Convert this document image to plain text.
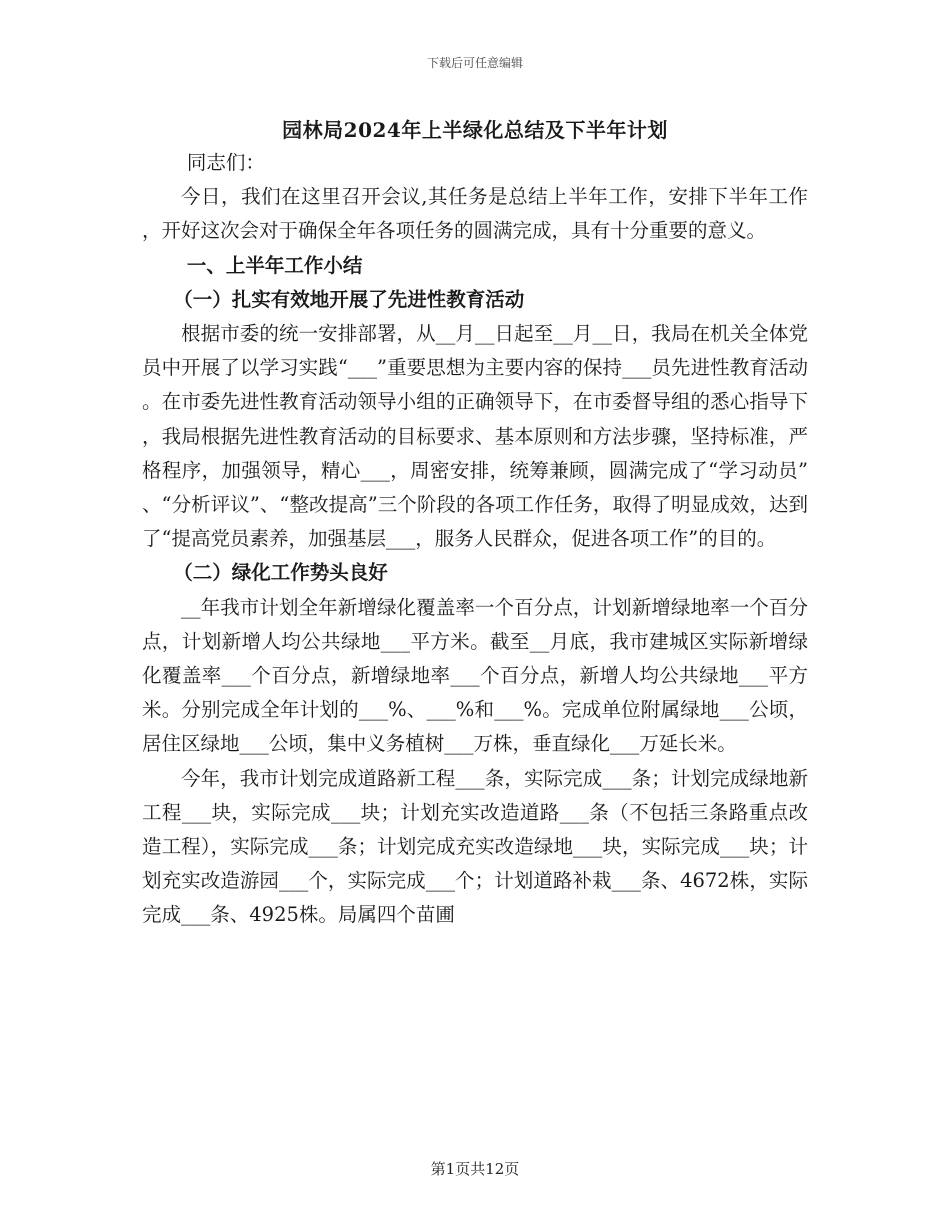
下载后可任意编辑
园林局2024年上半绿化总结及下半年计划

同志们：

今日，我们在这里召开会议,其任务是总结上半年工作，安排下半年工作，开好这次会对于确保全年各项任务的圆满完成，具有十分重要的意义。

一、上半年工作小结

（一）扎实有效地开展了先进性教育活动

根据市委的统一安排部署，从__月__日起至__月__日，我局在机关全体党员中开展了以学习实践“___”重要思想为主要内容的保持___员先进性教育活动。在市委先进性教育活动领导小组的正确领导下，在市委督导组的悉心指导下，我局根据先进性教育活动的目标要求、基本原则和方法步骤，坚持标准，严格程序，加强领导，精心___，周密安排，统筹兼顾，圆满完成了“学习动员”、“分析评议”、“整改提高”三个阶段的各项工作任务，取得了明显成效，达到了“提高党员素养，加强基层___，服务人民群众，促进各项工作”的目的。

（二）绿化工作势头良好

__年我市计划全年新增绿化覆盖率一个百分点，计划新增绿地率一个百分点，计划新增人均公共绿地___平方米。截至__月底，我市建城区实际新增绿化覆盖率___个百分点，新增绿地率___个百分点，新增人均公共绿地___平方米。分别完成全年计划的___%、___%和___%。完成单位附属绿地___公顷，居住区绿地___公顷，集中义务植树___万株，垂直绿化___万延长米。

今年，我市计划完成道路新工程___条，实际完成___条；计划完成绿地新工程___块，实际完成___块；计划充实改造道路___条（不包括三条路重点改造工程），实际完成___条；计划完成充实改造绿地___块，实际完成___块；计划充实改造游园___个，实际完成___个；计划道路补栽___条、4672株，实际完成___条、4925株。局属四个苗圃

第1页共12页
